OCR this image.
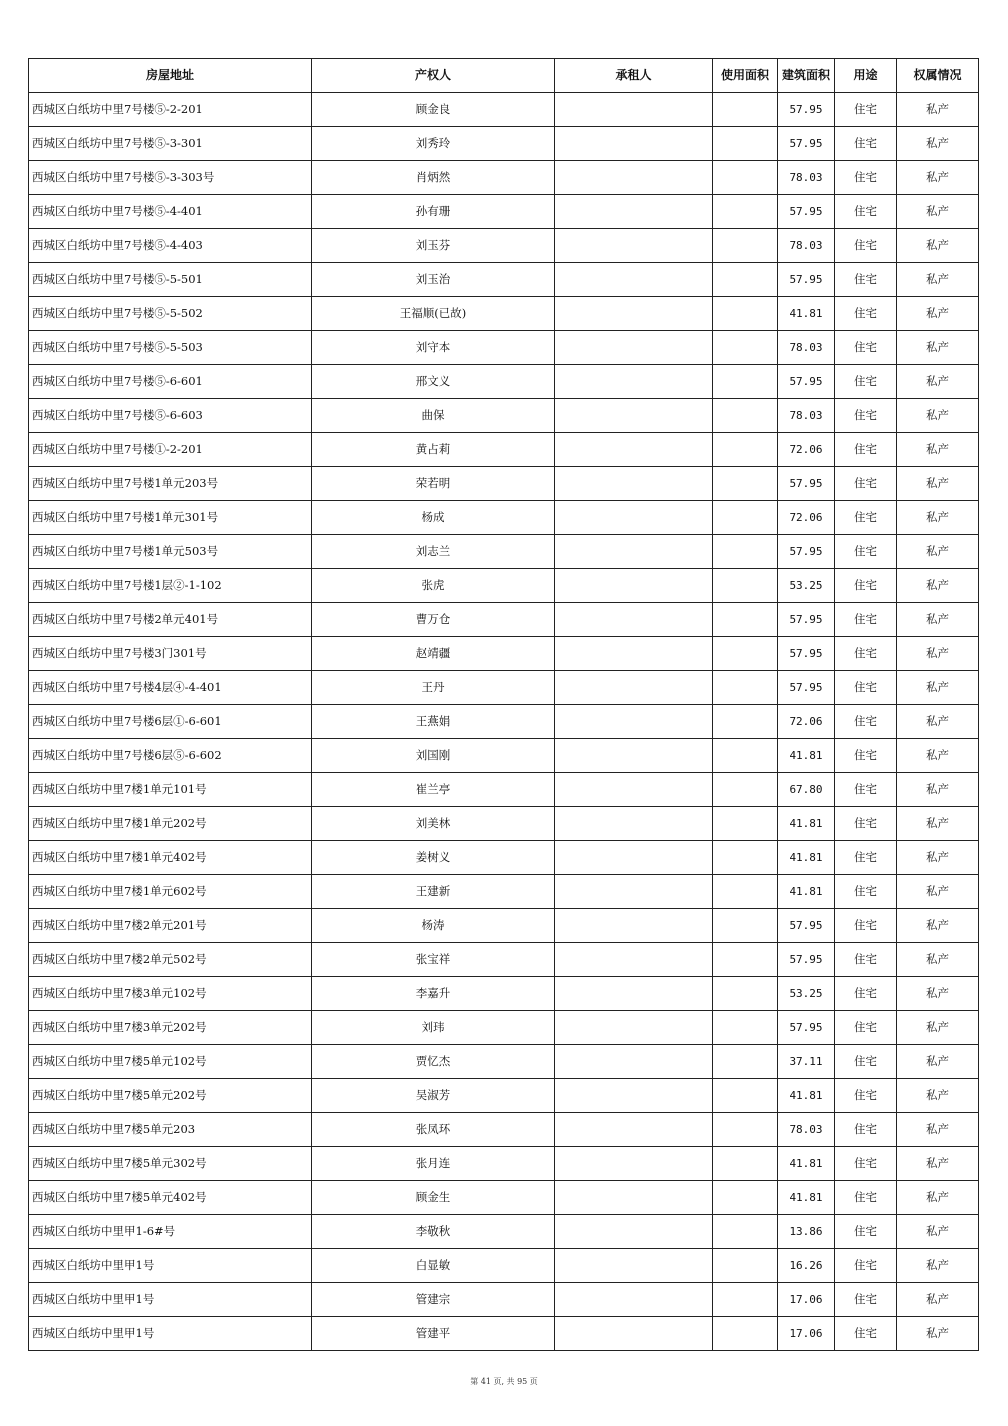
房屋地址	产权人	承租人	使用面积	建筑面积	用途	权属情况
西城区白纸坊中里7号楼⑤-2-201	顾金良			57.95	住宅	私产
西城区白纸坊中里7号楼⑤-3-301	刘秀玲			57.95	住宅	私产
西城区白纸坊中里7号楼⑤-3-303号	肖炳然			78.03	住宅	私产
西城区白纸坊中里7号楼⑤-4-401	孙有珊			57.95	住宅	私产
西城区白纸坊中里7号楼⑤-4-403	刘玉芬			78.03	住宅	私产
西城区白纸坊中里7号楼⑤-5-501	刘玉治			57.95	住宅	私产
西城区白纸坊中里7号楼⑤-5-502	王福顺(已故)			41.81	住宅	私产
西城区白纸坊中里7号楼⑤-5-503	刘守本			78.03	住宅	私产
西城区白纸坊中里7号楼⑤-6-601	邢文义			57.95	住宅	私产
西城区白纸坊中里7号楼⑤-6-603	曲保			78.03	住宅	私产
西城区白纸坊中里7号楼①-2-201	黄占莉			72.06	住宅	私产
西城区白纸坊中里7号楼1单元203号	荣若明			57.95	住宅	私产
西城区白纸坊中里7号楼1单元301号	杨成			72.06	住宅	私产
西城区白纸坊中里7号楼1单元503号	刘志兰			57.95	住宅	私产
西城区白纸坊中里7号楼1层②-1-102	张虎			53.25	住宅	私产
西城区白纸坊中里7号楼2单元401号	曹万仓			57.95	住宅	私产
西城区白纸坊中里7号楼3门301号	赵靖疆			57.95	住宅	私产
西城区白纸坊中里7号楼4层④-4-401	王丹			57.95	住宅	私产
西城区白纸坊中里7号楼6层①-6-601	王燕娟			72.06	住宅	私产
西城区白纸坊中里7号楼6层⑤-6-602	刘国刚			41.81	住宅	私产
西城区白纸坊中里7楼1单元101号	崔兰亭			67.80	住宅	私产
西城区白纸坊中里7楼1单元202号	刘美林			41.81	住宅	私产
西城区白纸坊中里7楼1单元402号	姜树义			41.81	住宅	私产
西城区白纸坊中里7楼1单元602号	王建新			41.81	住宅	私产
西城区白纸坊中里7楼2单元201号	杨涛			57.95	住宅	私产
西城区白纸坊中里7楼2单元502号	张宝祥			57.95	住宅	私产
西城区白纸坊中里7楼3单元102号	李嘉升			53.25	住宅	私产
西城区白纸坊中里7楼3单元202号	刘玮			57.95	住宅	私产
西城区白纸坊中里7楼5单元102号	贾忆杰			37.11	住宅	私产
西城区白纸坊中里7楼5单元202号	吴淑芳			41.81	住宅	私产
西城区白纸坊中里7楼5单元203	张凤环			78.03	住宅	私产
西城区白纸坊中里7楼5单元302号	张月连			41.81	住宅	私产
西城区白纸坊中里7楼5单元402号	顾金生			41.81	住宅	私产
西城区白纸坊中里甲1-6#号	李敬秋			13.86	住宅	私产
西城区白纸坊中里甲1号	白显敏			16.26	住宅	私产
西城区白纸坊中里甲1号	管建宗			17.06	住宅	私产
西城区白纸坊中里甲1号	管建平			17.06	住宅	私产
第 41 页, 共 95 页
